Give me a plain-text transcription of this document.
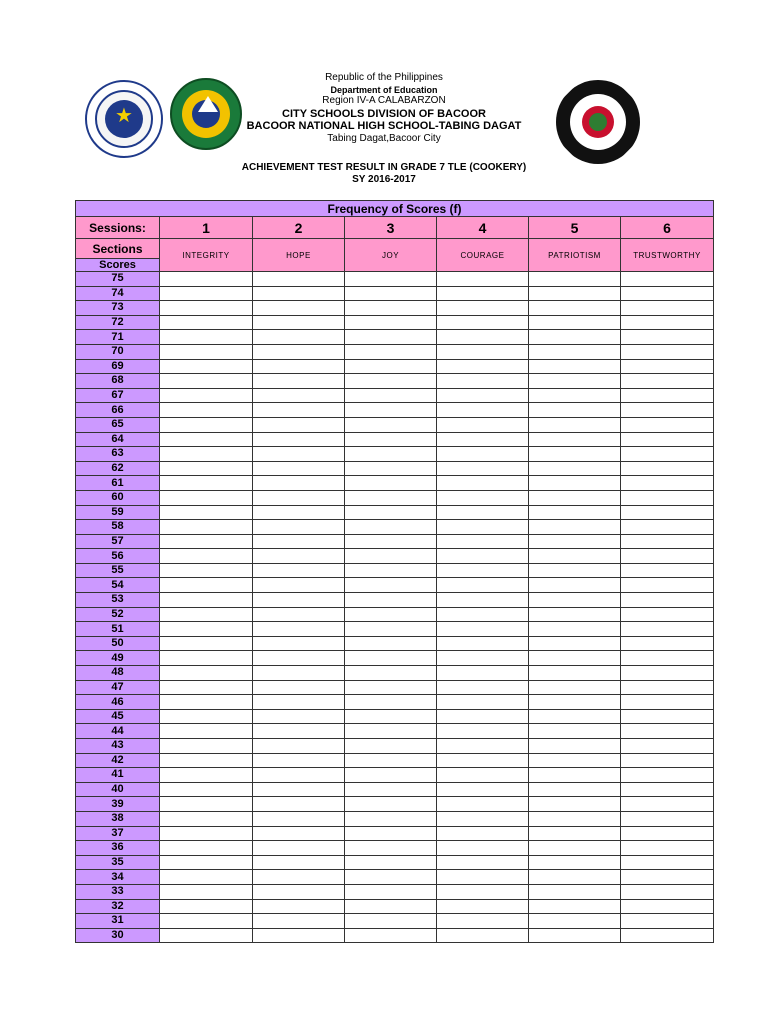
★
Republic of the Philippines
Department of Education
Region IV-A CALABARZON
CITY SCHOOLS DIVISION OF BACOOR
BACOOR NATIONAL HIGH SCHOOL-TABING DAGAT
Tabing Dagat,Bacoor City
ACHIEVEMENT TEST RESULT IN GRADE 7 TLE (COOKERY)
SY 2016-2017
Frequency of Scores (f)						
Sessions:	1	2	3	4	5	6
Sections	INTEGRITY	HOPE	JOY	COURAGE	PATRIOTISM	TRUSTWORTHY
Scores						
75						
74						
73						
72						
71						
70						
69						
68						
67						
66						
65						
64						
63						
62						
61						
60						
59						
58						
57						
56						
55						
54						
53						
52						
51						
50						
49						
48						
47						
46						
45						
44						
43						
42						
41						
40						
39						
38						
37						
36						
35						
34						
33						
32						
31						
30						
